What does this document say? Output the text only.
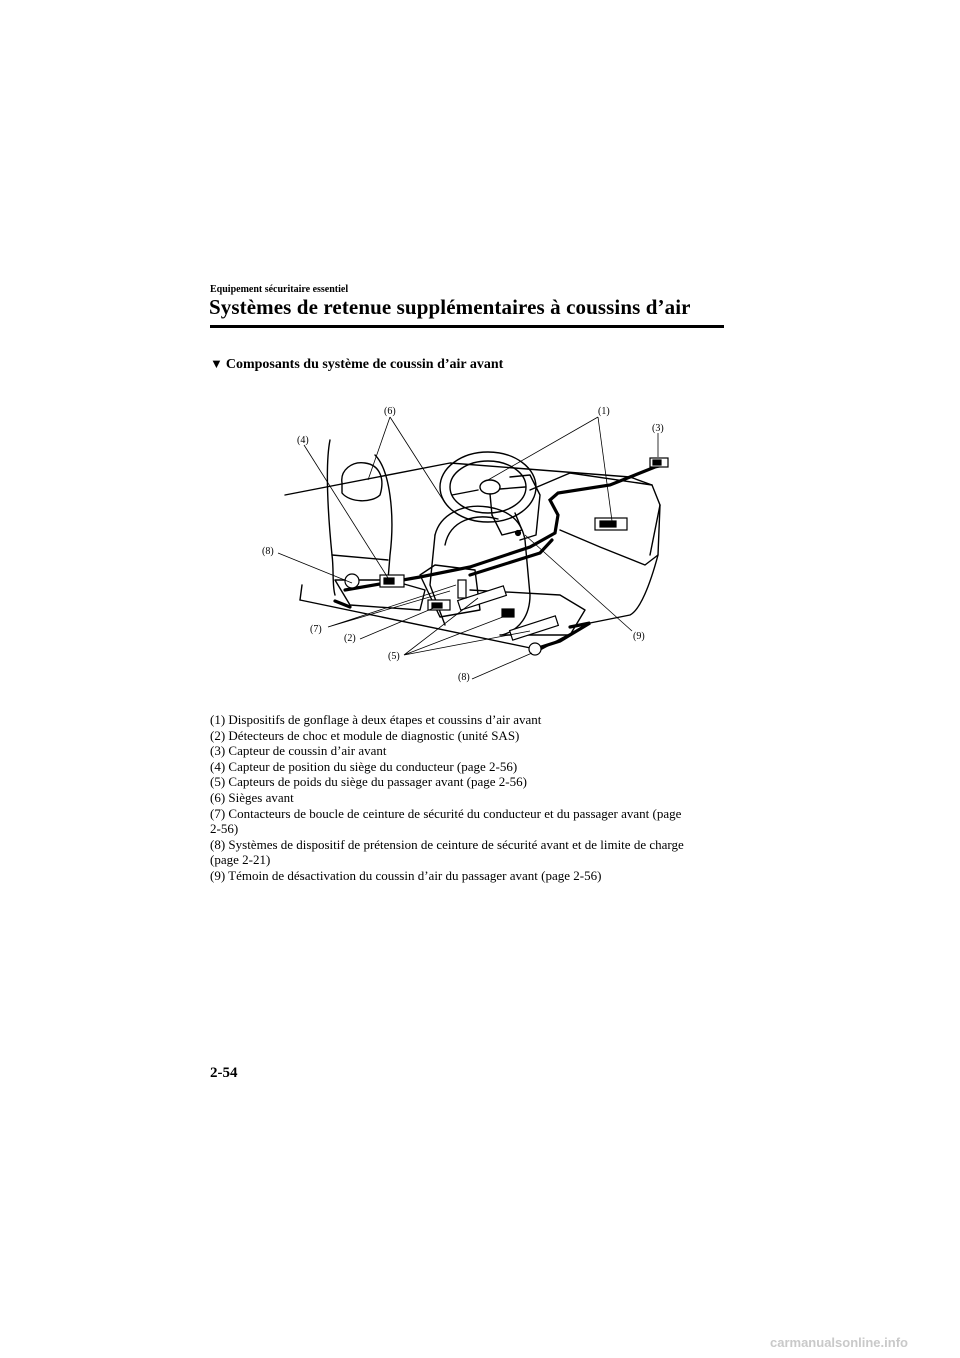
Equipement sécuritaire essentiel
Systèmes de retenue supplémentaires à coussins d’air
▼ Composants du système de coussin d’air avant
(1)
(2)
(3)
(4)
(5)
(6)
(7)
(8)
(8)
(9)
(1) Dispositifs de gonflage à deux étapes et coussins d’air avant
(2) Détecteurs de choc et module de diagnostic (unité SAS)
(3) Capteur de coussin d’air avant
(4) Capteur de position du siège du conducteur (page 2-56)
(5) Capteurs de poids du siège du passager avant (page 2-56)
(6) Sièges avant
(7) Contacteurs de boucle de ceinture de sécurité du conducteur et du passager avant (page
2-56)
(8) Systèmes de dispositif de prétension de ceinture de sécurité avant et de limite de charge
(page 2-21)
(9) Témoin de désactivation du coussin d’air du passager avant (page 2-56)
2-54
carmanualsonline.info
